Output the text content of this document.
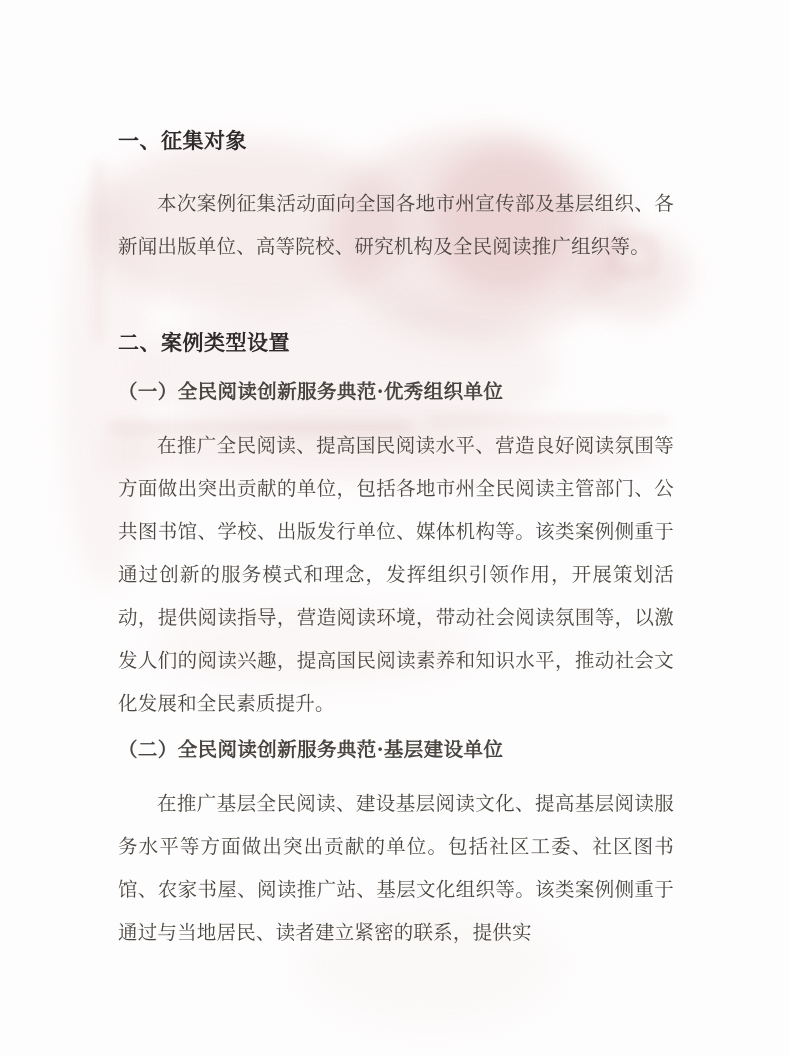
一、征集对象

本次案例征集活动面向全国各地市州宣传部及基层组织、各新闻出版单位、高等院校、研究机构及全民阅读推广组织等。

二、案例类型设置
（一）全民阅读创新服务典范·优秀组织单位

在推广全民阅读、提高国民阅读水平、营造良好阅读氛围等方面做出突出贡献的单位，包括各地市州全民阅读主管部门、公共图书馆、学校、出版发行单位、媒体机构等。该类案例侧重于通过创新的服务模式和理念，发挥组织引领作用，开展策划活动，提供阅读指导，营造阅读环境，带动社会阅读氛围等，以激发人们的阅读兴趣，提高国民阅读素养和知识水平，推动社会文化发展和全民素质提升。

（二）全民阅读创新服务典范·基层建设单位

在推广基层全民阅读、建设基层阅读文化、提高基层阅读服务水平等方面做出突出贡献的单位。包括社区工委、社区图书馆、农家书屋、阅读推广站、基层文化组织等。该类案例侧重于通过与当地居民、读者建立紧密的联系，提供实
